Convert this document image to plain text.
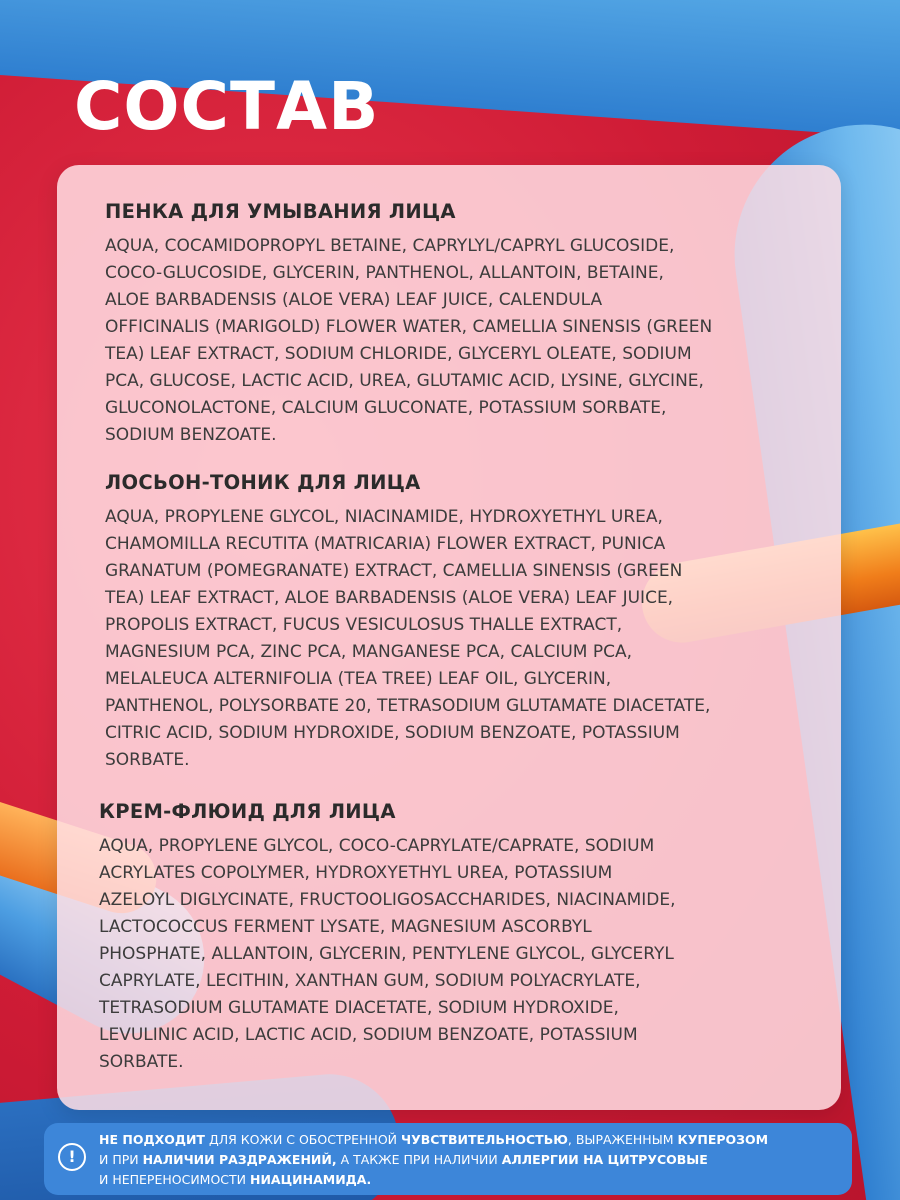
СОСТАВ
ПЕНКА ДЛЯ УМЫВАНИЯ ЛИЦА

AQUA, COCAMIDOPROPYL BETAINE, CAPRYLYL/CAPRYL GLUCOSIDE,
COCO-GLUCOSIDE, GLYCERIN, PANTHENOL, ALLANTOIN, BETAINE,
ALOE BARBADENSIS (ALOE VERA) LEAF JUICE, CALENDULA
OFFICINALIS (MARIGOLD) FLOWER WATER, CAMELLIA SINENSIS (GREEN
TEA) LEAF EXTRACT, SODIUM CHLORIDE, GLYCERYL OLEATE, SODIUM
PCA, GLUCOSE, LACTIC ACID, UREA, GLUTAMIC ACID, LYSINE, GLYCINE,
GLUCONOLACTONE, CALCIUM GLUCONATE, POTASSIUM SORBATE,
SODIUM BENZOATE.

ЛОСЬОН-ТОНИК ДЛЯ ЛИЦА

AQUA, PROPYLENE GLYCOL, NIACINAMIDE, HYDROXYETHYL UREA,
CHAMOMILLA RECUTITA (MATRICARIA) FLOWER EXTRACT, PUNICA
GRANATUM (POMEGRANATE) EXTRACT, CAMELLIA SINENSIS (GREEN
TEA) LEAF EXTRACT, ALOE BARBADENSIS (ALOE VERA) LEAF JUICE,
PROPOLIS EXTRACT, FUCUS VESICULOSUS THALLE EXTRACT,
MAGNESIUM PCA, ZINC PCA, MANGANESE PCA, CALCIUM PCA,
MELALEUCA ALTERNIFOLIA (TEA TREE) LEAF OIL, GLYCERIN,
PANTHENOL, POLYSORBATE 20, TETRASODIUM GLUTAMATE DIACETATE,
CITRIC ACID, SODIUM HYDROXIDE, SODIUM BENZOATE, POTASSIUM
SORBATE.

КРЕМ-ФЛЮИД ДЛЯ ЛИЦА

AQUA, PROPYLENE GLYCOL, COCO-CAPRYLATE/CAPRATE, SODIUM
ACRYLATES COPOLYMER, HYDROXYETHYL UREA, POTASSIUM
AZELOYL DIGLYCINATE, FRUCTOOLIGOSACCHARIDES, NIACINAMIDE,
LACTOCOCCUS FERMENT LYSATE, MAGNESIUM ASCORBYL
PHOSPHATE, ALLANTOIN, GLYCERIN, PENTYLENE GLYCOL, GLYCERYL
CAPRYLATE, LECITHIN, XANTHAN GUM, SODIUM POLYACRYLATE,
TETRASODIUM GLUTAMATE DIACETATE, SODIUM HYDROXIDE,
LEVULINIC ACID, LACTIC ACID, SODIUM BENZOATE, POTASSIUM
SORBATE.

!

НЕ ПОДХОДИТ ДЛЯ КОЖИ С ОБОСТРЕННОЙ ЧУВСТВИТЕЛЬНОСТЬЮ, ВЫРАЖЕННЫМ КУПЕРОЗОМ
И ПРИ НАЛИЧИИ РАЗДРАЖЕНИЙ, А ТАКЖЕ ПРИ НАЛИЧИИ АЛЛЕРГИИ НА ЦИТРУСОВЫЕ
И НЕПЕРЕНОСИМОСТИ НИАЦИНАМИДА.
